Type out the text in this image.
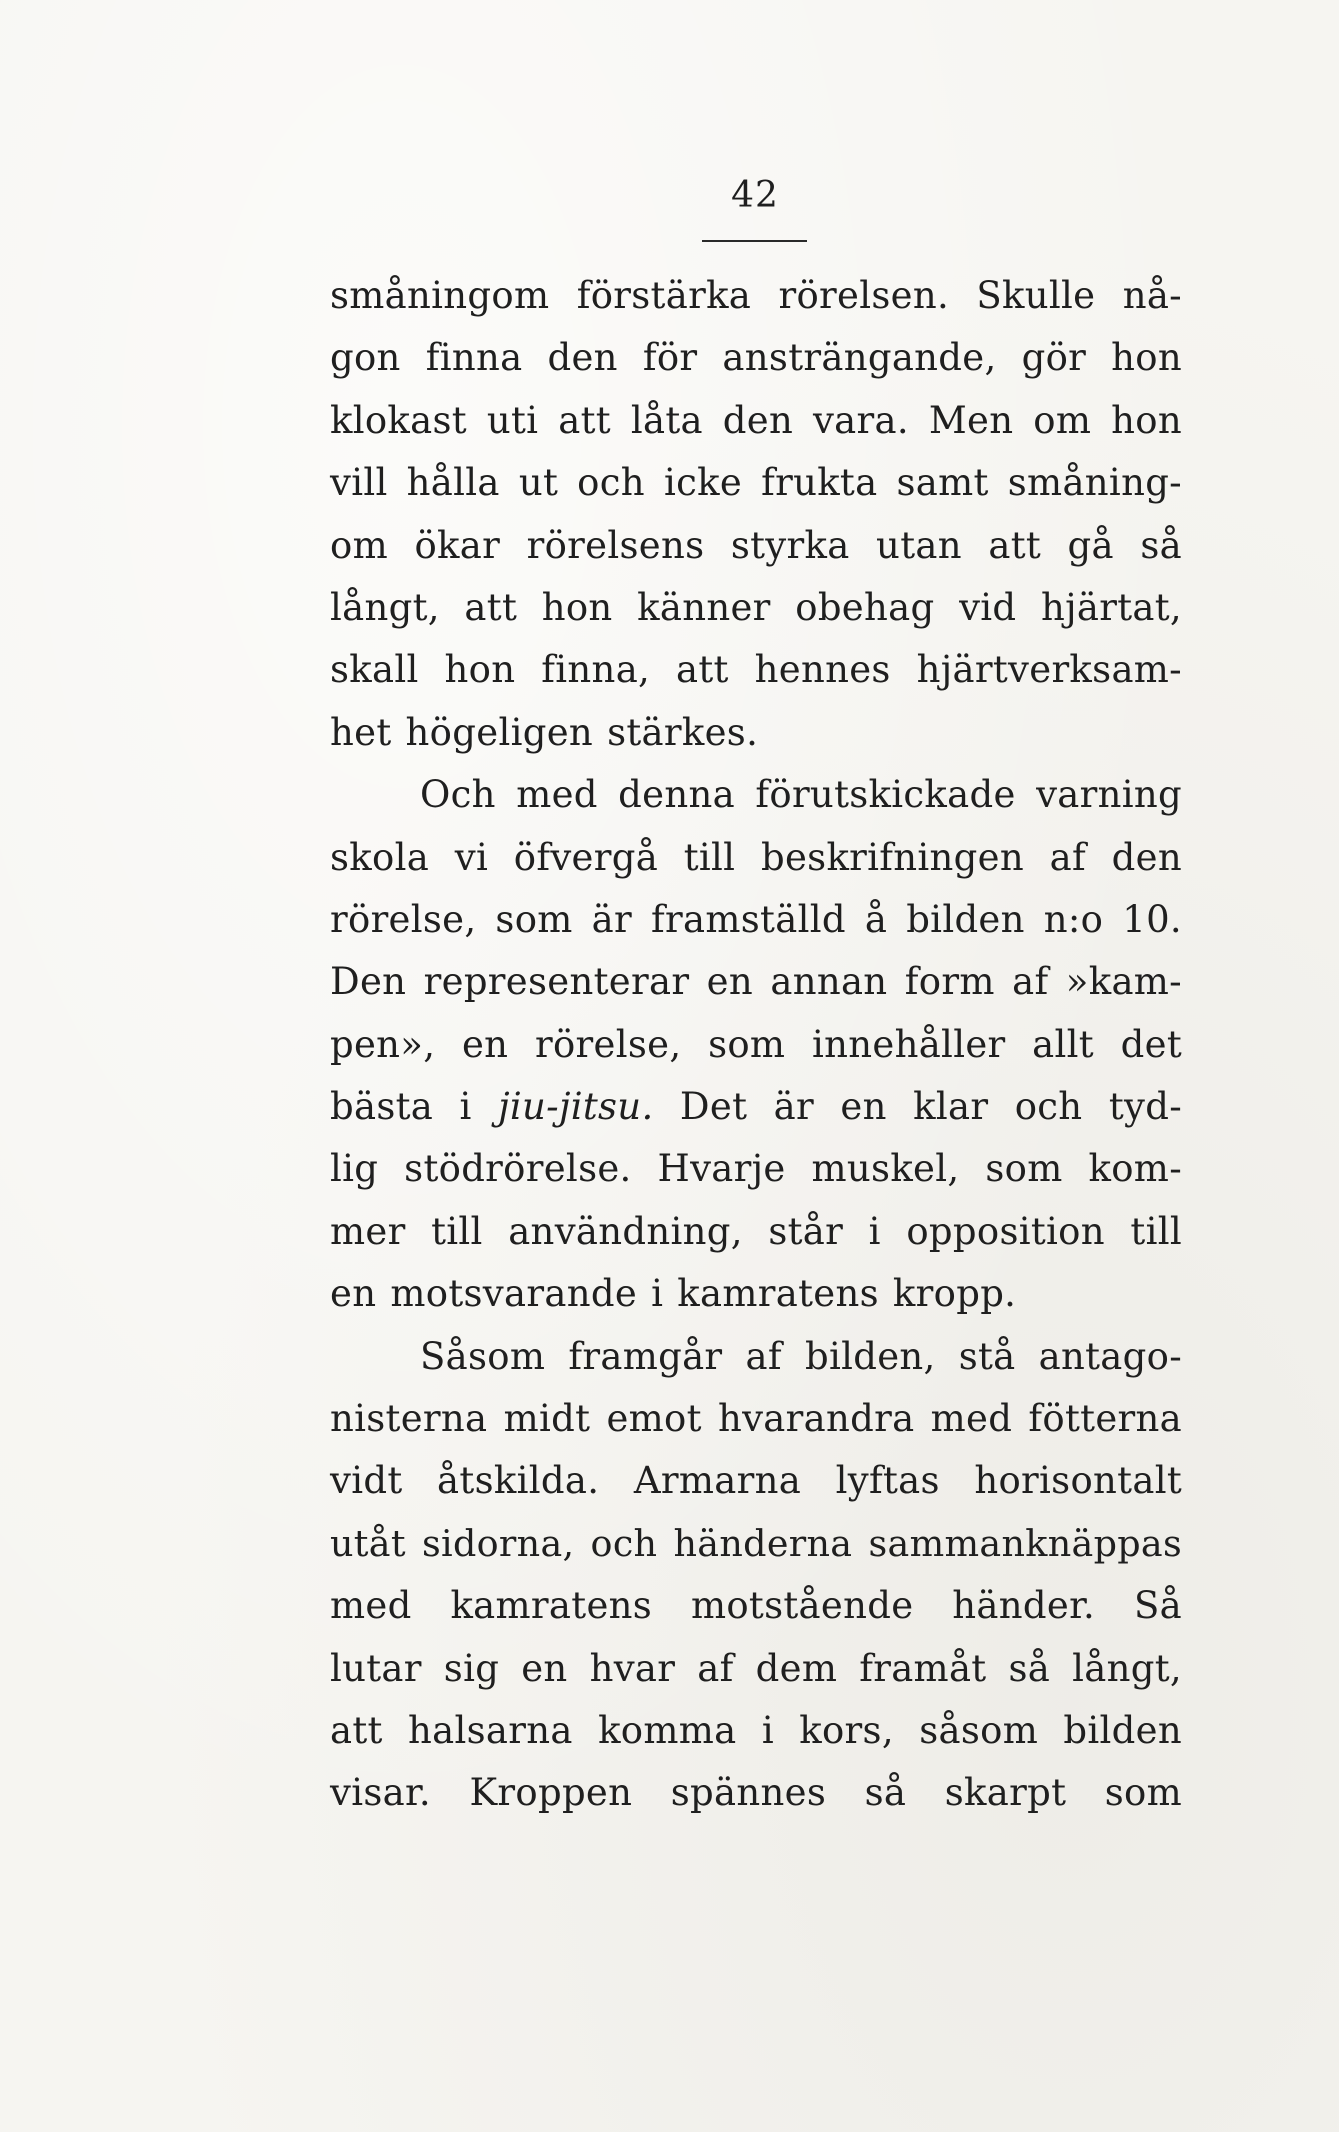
42
småningom förstärka rörelsen. Skulle nå-
gon finna den för ansträngande, gör hon
klokast uti att låta den vara. Men om hon
vill hålla ut och icke frukta samt småning-
om ökar rörelsens styrka utan att gå så
långt, att hon känner obehag vid hjärtat,
skall hon finna, att hennes hjärtverksam-
het högeligen stärkes.
Och med denna förutskickade varning
skola vi öfvergå till beskrifningen af den
rörelse, som är framställd å bilden n:o 10.
Den representerar en annan form af »kam-
pen», en rörelse, som innehåller allt det
bästa i jiu-jitsu. Det är en klar och tyd-
lig stödrörelse. Hvarje muskel, som kom-
mer till användning, står i opposition till
en motsvarande i kamratens kropp.
Såsom framgår af bilden, stå antago-
nisterna midt emot hvarandra med fötterna
vidt åtskilda. Armarna lyftas horisontalt
utåt sidorna, och händerna sammanknäppas
med kamratens motstående händer. Så
lutar sig en hvar af dem framåt så långt,
att halsarna komma i kors, såsom bilden
visar. Kroppen spännes så skarpt som
